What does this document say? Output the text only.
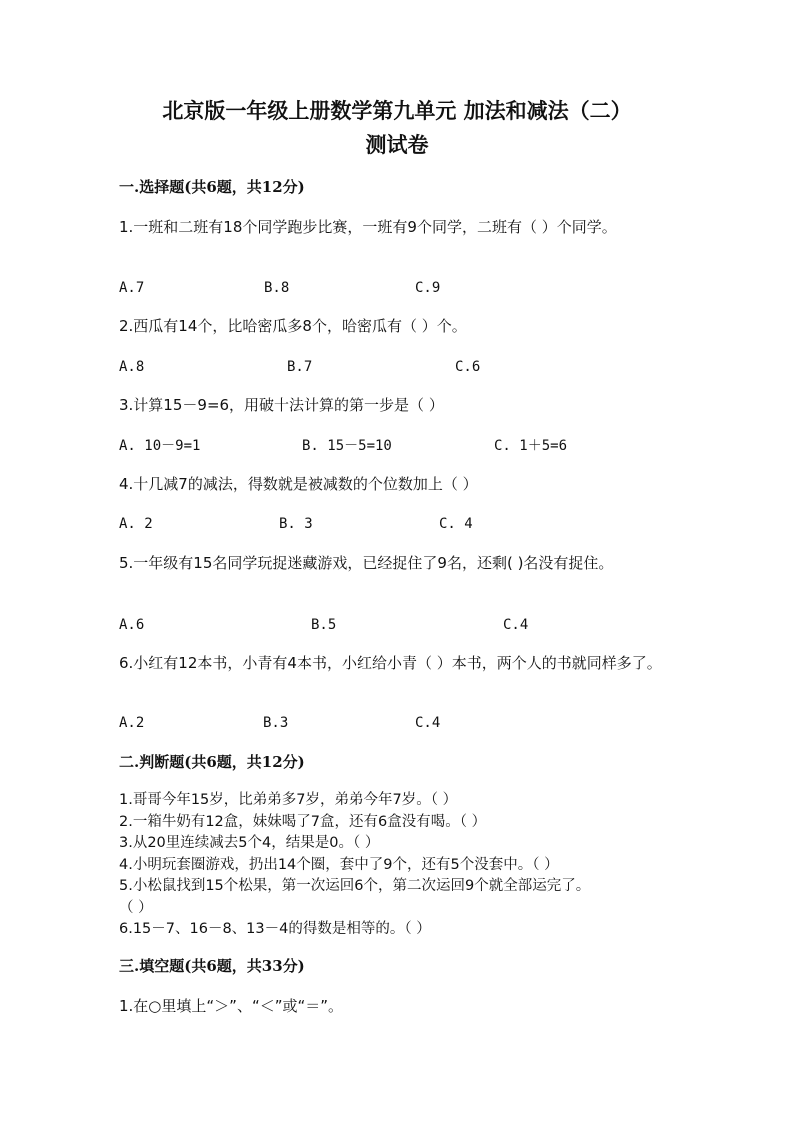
北京版一年级上册数学第九单元 加法和减法（二）
测试卷
一.选择题(共6题，共12分)
1.一班和二班有18个同学跑步比赛，一班有9个同学，二班有（ ）个同学。
A.7	B.8	C.9
2.西瓜有14个，比哈密瓜多8个，哈密瓜有（ ）个。
A.8	B.7	C.6
3.计算15－9=6，用破十法计算的第一步是（ ）
A. 10－9=1	B. 15－5=10	C. 1＋5=6
4.十几减7的减法，得数就是被减数的个位数加上（ ）
A. 2	B. 3	C. 4
5.一年级有15名同学玩捉迷藏游戏，已经捉住了9名，还剩( )名没有捉住。
A.6	B.5	C.4
6.小红有12本书，小青有4本书，小红给小青（ ）本书，两个人的书就同样多了。
A.2	B.3	C.4
二.判断题(共6题，共12分)
1.哥哥今年15岁，比弟弟多7岁，弟弟今年7岁。（ ）
2.一箱牛奶有12盒，妹妹喝了7盒，还有6盒没有喝。（ ）
3.从20里连续减去5个4，结果是0。（ ）
4.小明玩套圈游戏，扔出14个圈，套中了9个，还有5个没套中。（ ）
5.小松鼠找到15个松果，第一次运回6个，第二次运回9个就全部运完了。
（ ）
6.15－7、16－8、13－4的得数是相等的。（ ）
三.填空题(共6题，共33分)
1.在○里填上“＞”、“＜”或“＝”。
